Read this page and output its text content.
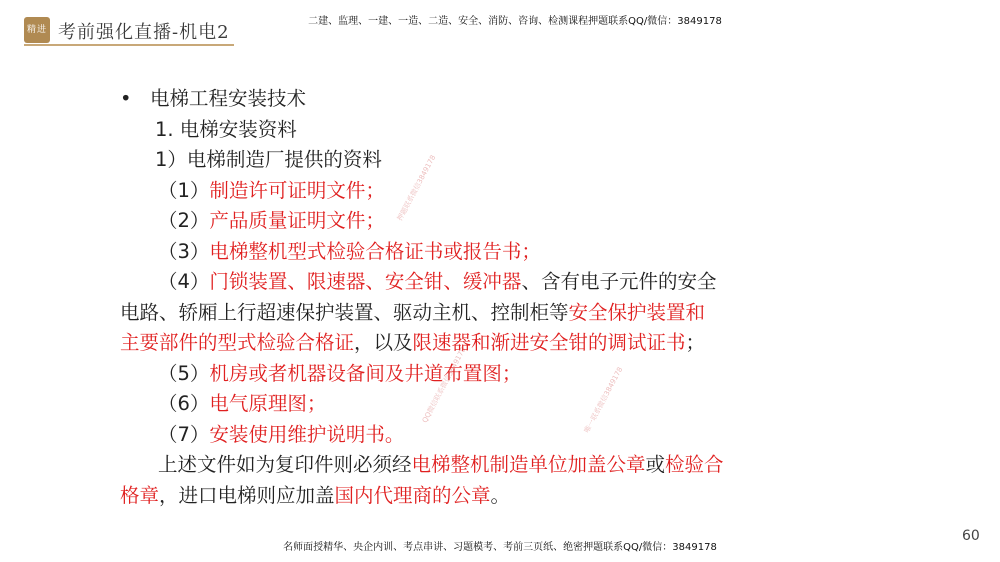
精进 考前强化直播-机电2
二建、监理、一建、一造、二造、安全、消防、咨询、检测课程押题联系QQ/微信：3849178
• 电梯工程安装技术
1. 电梯安装资料
1）电梯制造厂提供的资料
（1）制造许可证明文件；
（2）产品质量证明文件；
（3）电梯整机型式检验合格证书或报告书；
（4）门锁装置、限速器、安全钳、缓冲器、含有电子元件的安全
电路、轿厢上行超速保护装置、驱动主机、控制柜等安全保护装置和
主要部件的型式检验合格证，以及限速器和渐进安全钳的调试证书；
（5）机房或者机器设备间及井道布置图；
（6）电气原理图；
（7）安装使用维护说明书。
上述文件如为复印件则必须经电梯整机制造单位加盖公章或检验合
格章，进口电梯则应加盖国内代理商的公章。
押题联系微信3849178
QQ微信联系微信3849178	唯一联系微信3849178
60
名师面授精华、央企内训、考点串讲、习题模考、考前三页纸、绝密押题联系QQ/微信：3849178
